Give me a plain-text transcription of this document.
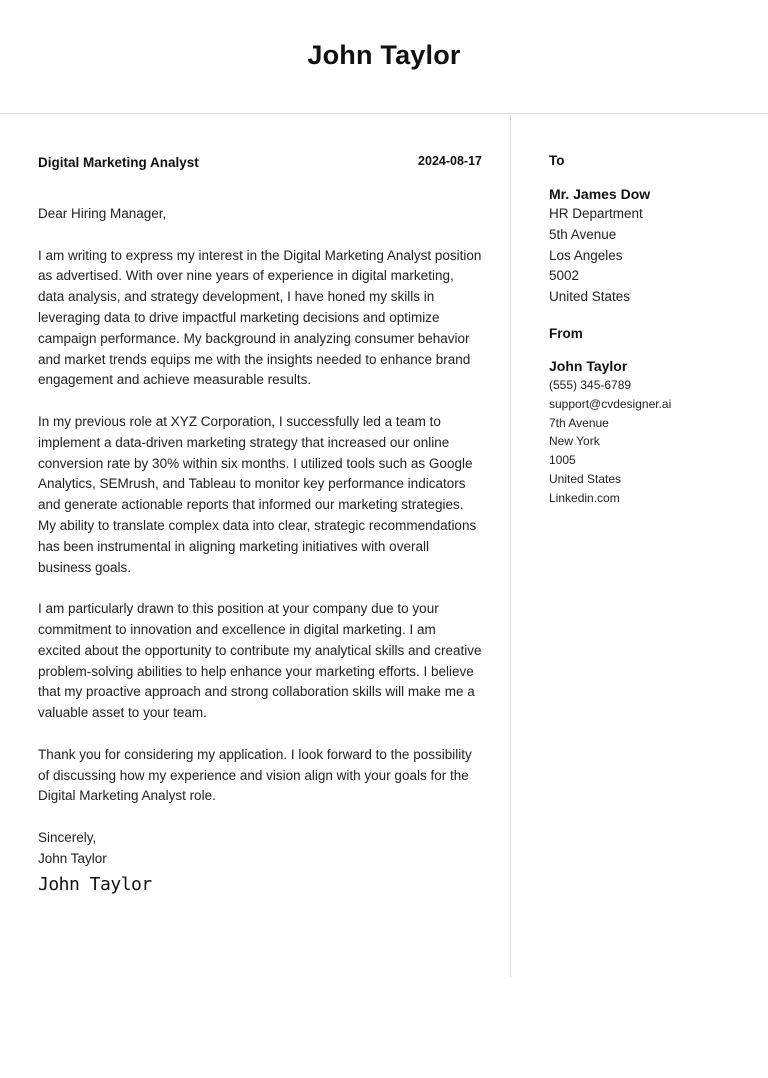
John Taylor
Digital Marketing Analyst	2024-08-17
Dear Hiring Manager,
I am writing to express my interest in the Digital Marketing Analyst position as advertised. With over nine years of experience in digital marketing, data analysis, and strategy development, I have honed my skills in leveraging data to drive impactful marketing decisions and optimize campaign performance. My background in analyzing consumer behavior and market trends equips me with the insights needed to enhance brand engagement and achieve measurable results.
In my previous role at XYZ Corporation, I successfully led a team to implement a data-driven marketing strategy that increased our online conversion rate by 30% within six months. I utilized tools such as Google Analytics, SEMrush, and Tableau to monitor key performance indicators and generate actionable reports that informed our marketing strategies. My ability to translate complex data into clear, strategic recommendations has been instrumental in aligning marketing initiatives with overall business goals.
I am particularly drawn to this position at your company due to your commitment to innovation and excellence in digital marketing. I am excited about the opportunity to contribute my analytical skills and creative problem-solving abilities to help enhance your marketing efforts. I believe that my proactive approach and strong collaboration skills will make me a valuable asset to your team.
Thank you for considering my application. I look forward to the possibility of discussing how my experience and vision align with your goals for the Digital Marketing Analyst role.
Sincerely,
John Taylor
John Taylor
To
Mr. James Dow
HR Department
5th Avenue
Los Angeles
5002
United States
From
John Taylor
(555) 345-6789
support@cvdesigner.ai
7th Avenue
New York
1005
United States
Linkedin.com
